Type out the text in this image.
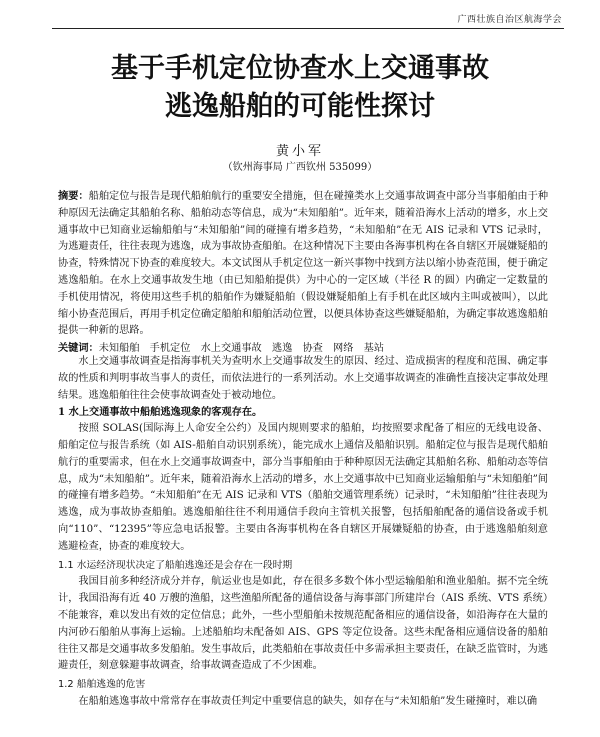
广西壮族自治区航海学会
基于手机定位协查水上交通事故
逃逸船舶的可能性探讨
黄小军
（钦州海事局 广西钦州 535099）
摘要：船舶定位与报告是现代船舶航行的重要安全措施，但在碰撞类水上交通事故调查中部分当事船舶由于种种原因无法确定其船舶名称、船舶动态等信息，成为“未知船舶”。近年来，随着沿海水上活动的增多，水上交通事故中已知商业运输船舶与“未知船舶”间的碰撞有增多趋势，“未知船舶”在无 AIS 记录和 VTS 记录时，为逃避责任，往往表现为逃逸，成为事故协查船舶。在这种情况下主要由各海事机构在各自辖区开展嫌疑船的协查，特殊情况下协查的难度较大。本文试图从手机定位这一新兴事物中找到方法以缩小协查范围，便于确定逃逸船舶。在水上交通事故发生地（由已知船舶提供）为中心的一定区域（半径 R 的圆）内确定一定数量的手机使用情况，将使用这些手机的船舶作为嫌疑船舶（假设嫌疑船舶上有手机在此区域内主叫或被叫），以此缩小协查范围后，再用手机定位确定船舶和船舶活动位置，以便具体协查这些嫌疑船舶，为确定事故逃逸船舶提供一种新的思路。
关键词：未知船舶　手机定位　水上交通事故　逃逸　协查　网络　基站

水上交通事故调查是指海事机关为查明水上交通事故发生的原因、经过、造成损害的程度和范围、确定事故的性质和判明事故当事人的责任，而依法进行的一系列活动。水上交通事故调查的准确性直接决定事故处理结果。逃逸船舶往往会使事故调查处于被动地位。

1 水上交通事故中船舶逃逸现象的客观存在。

按照 SOLAS(国际海上人命安全公约）及国内规则要求的船舶，均按照要求配备了相应的无线电设备、船舶定位与报告系统（如 AIS-船舶自动识别系统），能完成水上通信及船舶识别。船舶定位与报告是现代船舶航行的重要需求，但在水上交通事故调查中，部分当事船舶由于种种原因无法确定其船舶名称、船舶动态等信息，成为“未知船舶”。近年来，随着沿海水上活动的增多，水上交通事故中已知商业运输船舶与“未知船舶”间的碰撞有增多趋势。“未知船舶”在无 AIS 记录和 VTS（船舶交通管理系统）记录时，“未知船舶”往往表现为逃逸，成为事故协查船舶。逃逸船舶往往不利用通信手段向主管机关报警，包括船舶配备的通信设备或手机向“110”、“12395”等应急电话报警。主要由各海事机构在各自辖区开展嫌疑船的协查，由于逃逸船舶刻意逃避检查，协查的难度较大。

1.1 水运经济现状决定了船舶逃逸还是会存在一段时期

我国目前多种经济成分并存，航运业也是如此，存在很多多数个体小型运输船舶和渔业船舶。据不完全统计，我国沿海有近 40 万艘的渔船，这些渔船所配备的通信设备与海事部门所建岸台（AIS 系统、VTS 系统）不能兼容，难以发出有效的定位信息；此外，一些小型船舶未按规范配备相应的通信设备，如沿海存在大量的内河砂石船舶从事海上运输。上述船舶均未配备如 AIS、GPS 等定位设备。这些未配备相应通信设备的船舶往往又都是交通事故多发船舶。发生事故后，此类船舶在事故责任中多需承担主要责任，在缺乏监管时，为逃避责任，刻意躲避事故调查，给事故调查造成了不少困难。

1.2 船舶逃逸的危害

在船舶逃逸事故中常常存在事故责任判定中重要信息的缺失，如存在与“未知船舶”发生碰撞时，难以确
